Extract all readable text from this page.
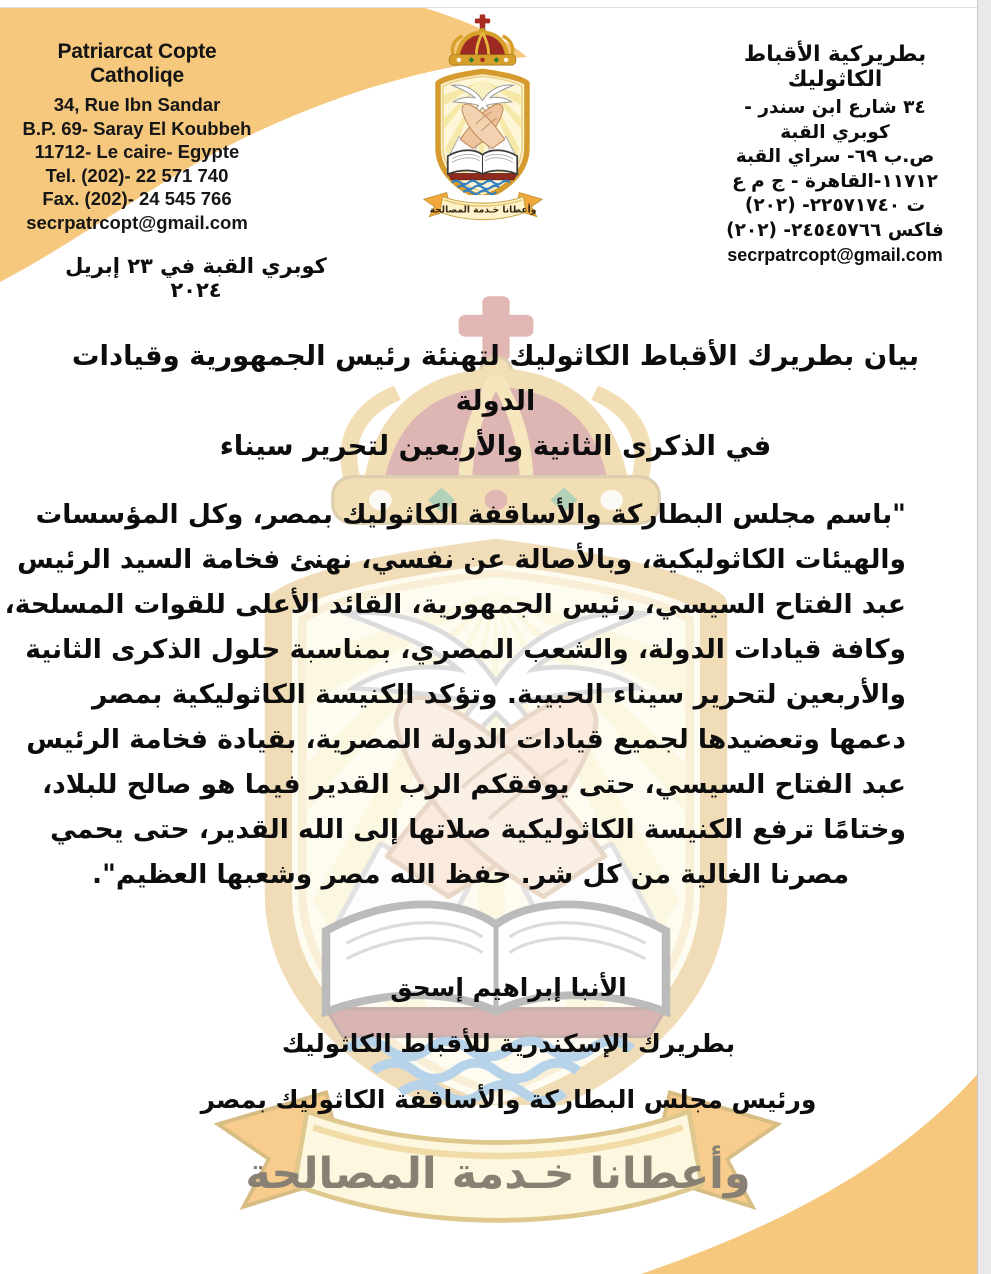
Patriarcat Copte Catholiqe
34, Rue Ibn Sandar
B.P. 69- Saray El Koubbeh
11712- Le caire- Egypte
Tel. (202)- 22 571 740
Fax. (202)- 24 545 766
secrpatrcopt@gmail.com
بطريركية الأقباط الكاثوليك
٣٤ شارع ابن سندر - كوبري القبة
ص.ب ٦٩- سراي القبة
١١٧١٢-القاهرة - ج م ع
ت ٢٢٥٧١٧٤٠- (٢٠٢)
فاكس ٢٤٥٤٥٧٦٦- (٢٠٢)
secrpatrcopt@gmail.com
كوبري القبة في ٢٣ إبريل ٢٠٢٤
بيان بطريرك الأقباط الكاثوليك لتهنئة رئيس الجمهورية وقيادات الدولة
في الذكرى الثانية والأربعين لتحرير سيناء
"باسم مجلس البطاركة والأساقفة الكاثوليك بمصر، وكل المؤسسات
والهيئات الكاثوليكية، وبالأصالة عن نفسي، نهنئ فخامة السيد الرئيس
عبد الفتاح السيسي، رئيس الجمهورية، القائد الأعلى للقوات المسلحة،
وكافة قيادات الدولة، والشعب المصري، بمناسبة حلول الذكرى الثانية
والأربعين لتحرير سيناء الحبيبة. وتؤكد الكنيسة الكاثوليكية بمصر
دعمها وتعضيدها لجميع قيادات الدولة المصرية، بقيادة فخامة الرئيس
عبد الفتاح السيسي، حتى يوفقكم الرب القدير فيما هو صالح للبلاد،
وختامًا ترفع الكنيسة الكاثوليكية صلاتها إلى الله القدير، حتى يحمي
مصرنا الغالية من كل شر. حفظ الله مصر وشعبها العظيم".
الأنبا إبراهيم إسحق
بطريرك الإسكندرية للأقباط الكاثوليك
ورئيس مجلس البطاركة والأساقفة الكاثوليك بمصر
